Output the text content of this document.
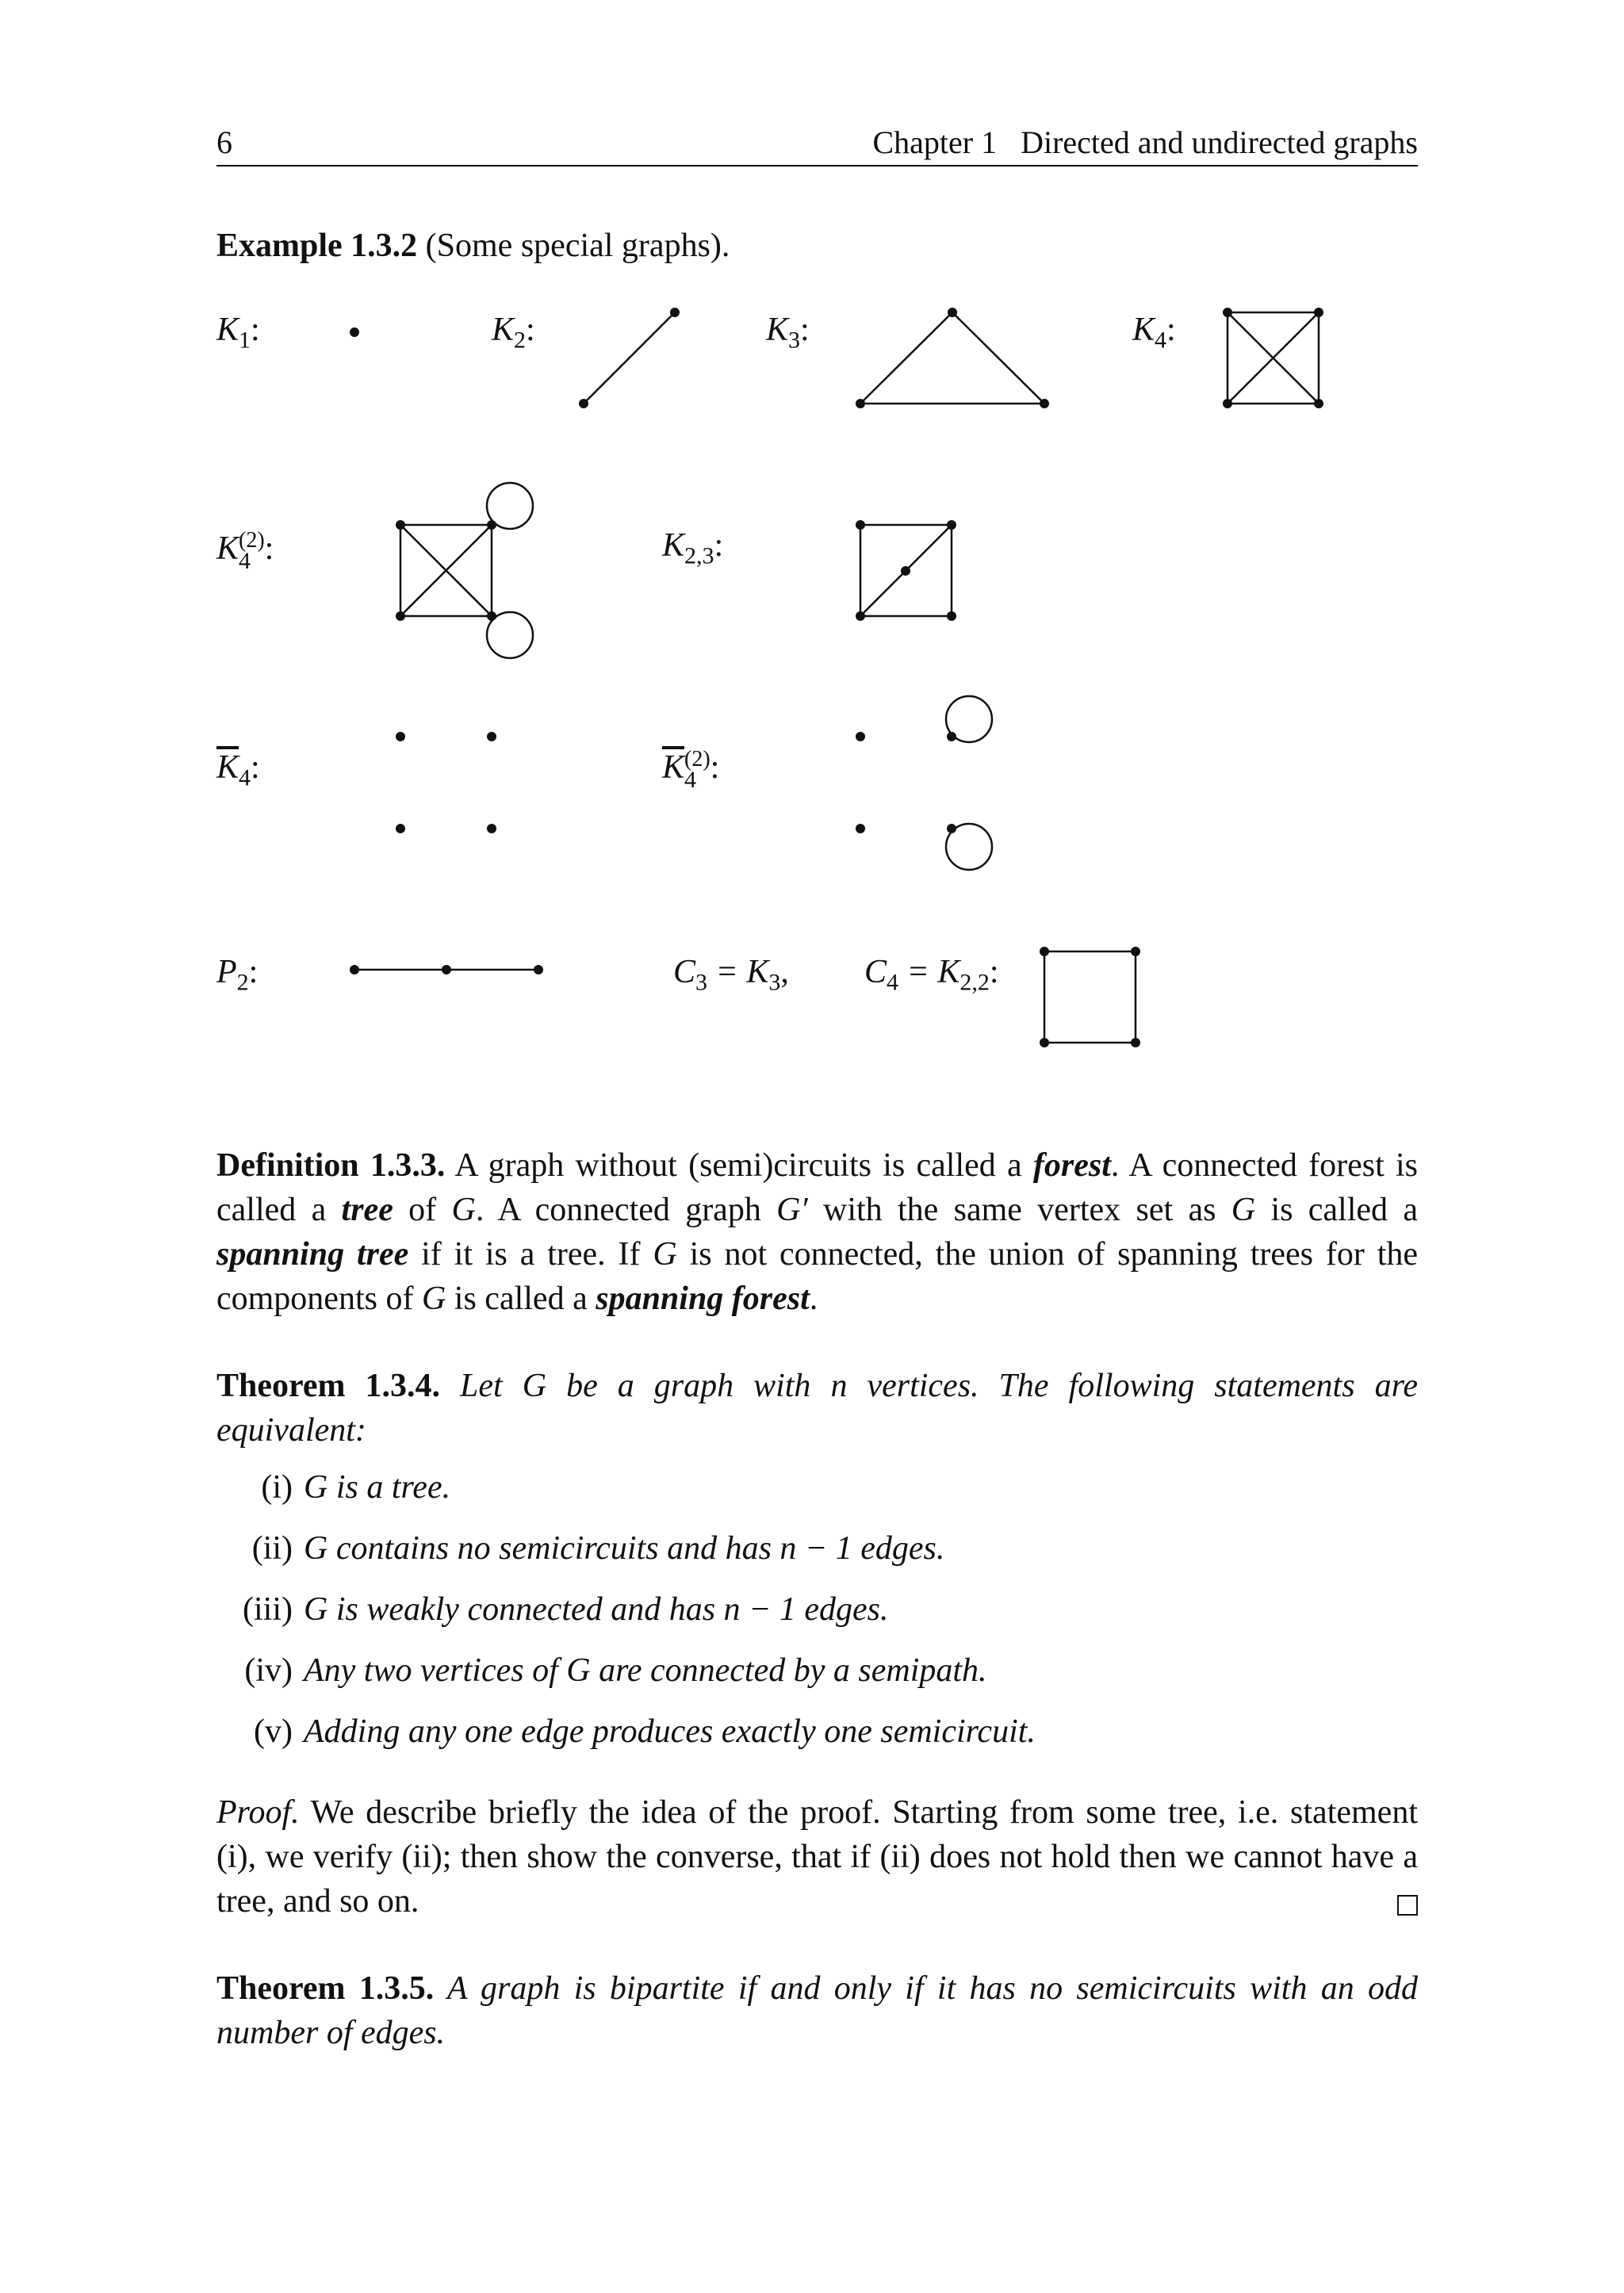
6	Chapter 1   Directed and undirected graphs
Example 1.3.2 (Some special graphs).
$K_1$:	$K_2$:	$K_3$:	$K_4$:
K (2)
4 :	$K_{2,3}$:
$\overline{K}_4$:	$\overline{K}$ (2)
4 :
$P_2$:	$C_3 = K_3$, $C_4 = K_{2,2}$:
Definition 1.3.3. A graph without (semi)circuits is called a forest. A connected forest is called a tree of G. A connected graph G′ with the same vertex set as G is called a spanning tree if it is a tree. If G is not connected, the union of spanning trees for the components of G is called a spanning forest.
Theorem 1.3.4. Let G be a graph with n vertices. The following statements are equivalent:
(i) G is a tree.
(ii) G contains no semicircuits and has n − 1 edges.
(iii) G is weakly connected and has n − 1 edges.
(iv) Any two vertices of G are connected by a semipath.
(v) Adding any one edge produces exactly one semicircuit.
Proof. We describe briefly the idea of the proof. Starting from some tree, i.e. statement (i), we verify (ii); then show the converse, that if (ii) does not hold then we cannot have a tree, and so on.
Theorem 1.3.5. A graph is bipartite if and only if it has no semicircuits with an odd number of edges.
